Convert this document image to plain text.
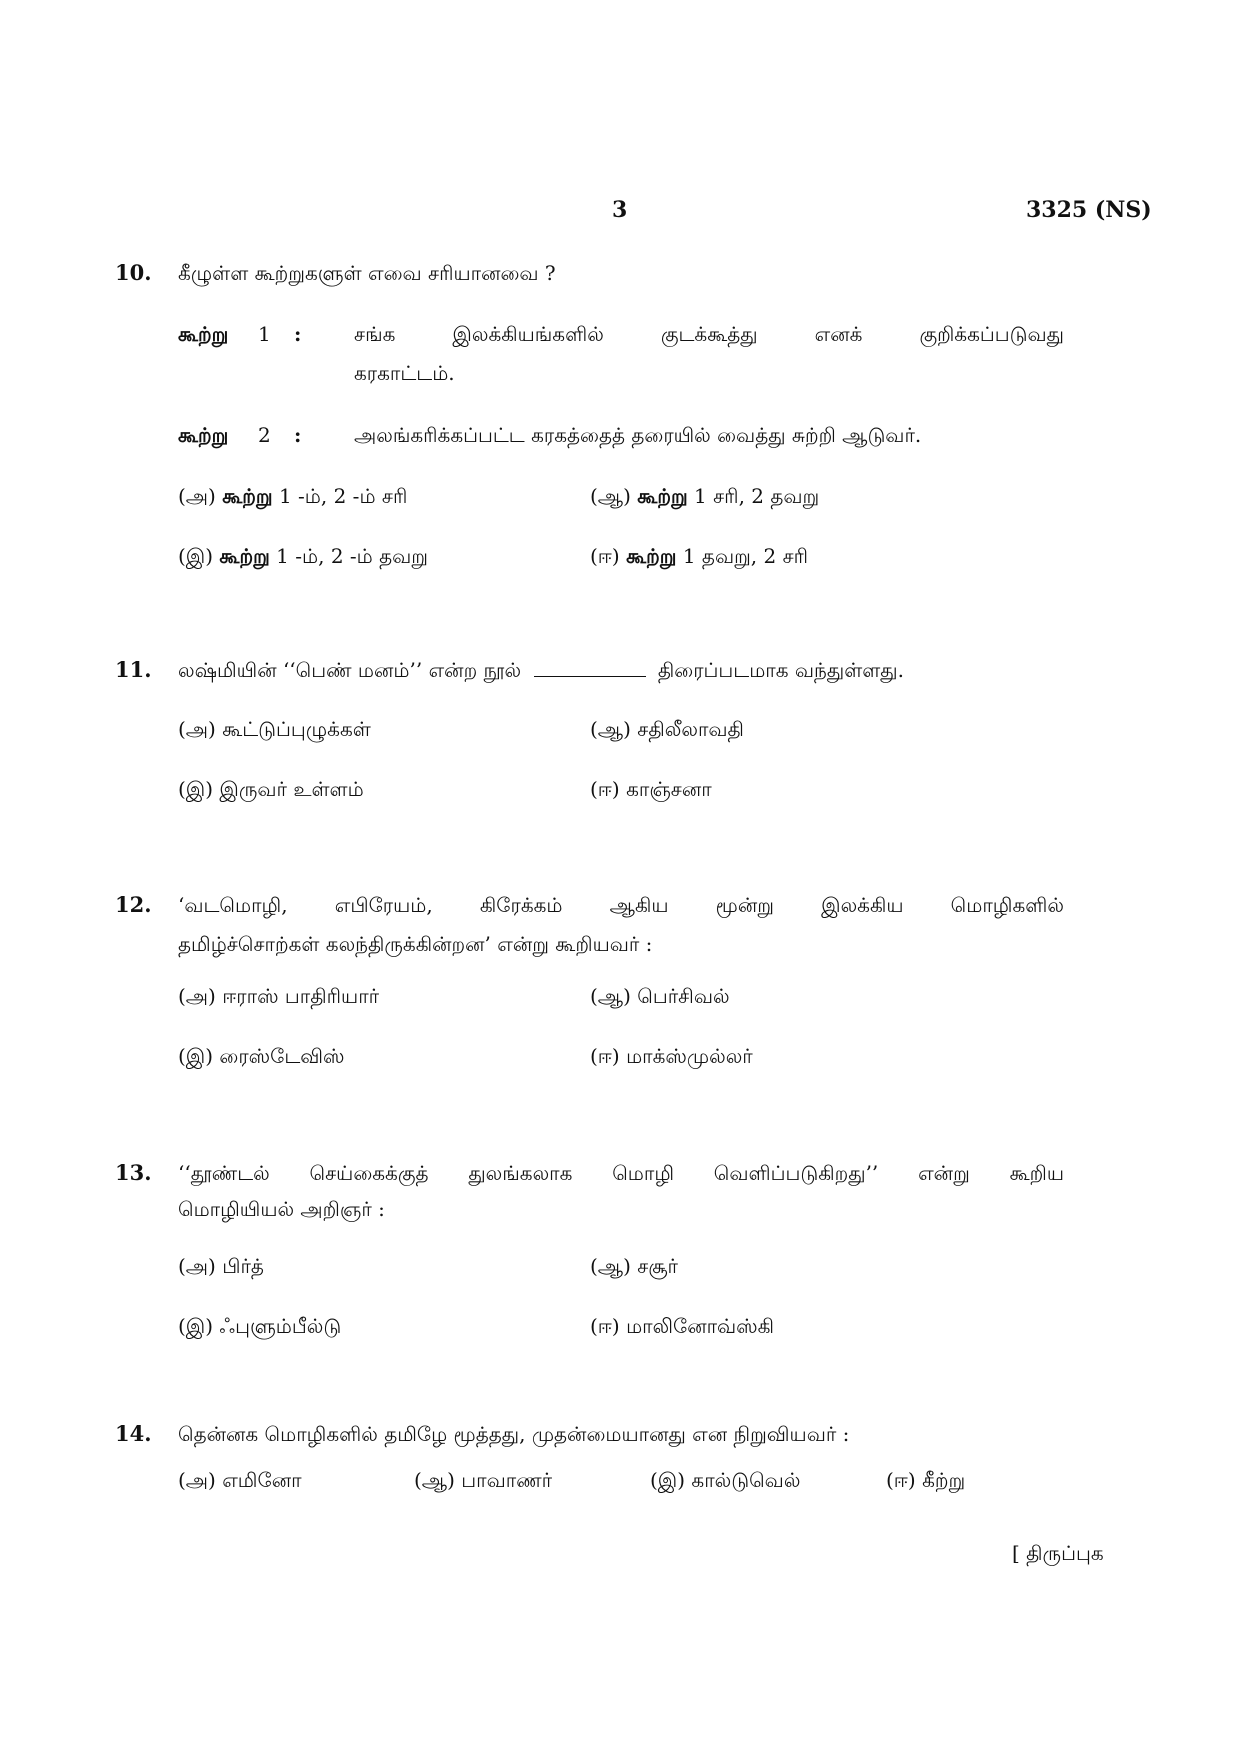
3	3325 (NS)
10. கீழுள்ள கூற்றுகளுள் எவை சரியானவை ?
கூற்று 1 :	சங்க இலக்கியங்களில் குடக்கூத்து எனக் குறிக்கப்படுவது
கரகாட்டம்.
கூற்று 2 :	அலங்கரிக்கப்பட்ட கரகத்தைத் தரையில் வைத்து சுற்றி ஆடுவர்.
(அ) கூற்று 1 -ம், 2 -ம் சரி	(ஆ) கூற்று 1 சரி, 2 தவறு
(இ) கூற்று 1 -ம், 2 -ம் தவறு	(ஈ) கூற்று 1 தவறு, 2 சரி
11. லஷ்மியின் ‘‘பெண் மனம்’’ என்ற நூல்	திரைப்படமாக வந்துள்ளது.
(அ) கூட்டுப்புழுக்கள்	(ஆ) சதிலீலாவதி
(இ) இருவர் உள்ளம்	(ஈ) காஞ்சனா
12. ‘வடமொழி, எபிரேயம், கிரேக்கம் ஆகிய மூன்று இலக்கிய மொழிகளில்
தமிழ்ச்சொற்கள் கலந்திருக்கின்றன’ என்று கூறியவர் :
(அ) ஈராஸ் பாதிரியார்	(ஆ) பெர்சிவல்
(இ) ரைஸ்டேவிஸ்	(ஈ) மாக்ஸ்முல்லர்
13. ‘‘தூண்டல் செய்கைக்குத் துலங்கலாக மொழி வெளிப்படுகிறது’’ என்று கூறிய
மொழியியல் அறிஞர் :
(அ) பிர்த்	(ஆ) சசூர்
(இ) ஃபுளும்பீல்டு	(ஈ) மாலினோவ்ஸ்கி
14. தென்னக மொழிகளில் தமிழே மூத்தது, முதன்மையானது என நிறுவியவர் :
(அ) எமினோ	(ஆ) பாவாணர்	(இ) கால்டுவெல்	(ஈ) கீற்று
[ திருப்புக
